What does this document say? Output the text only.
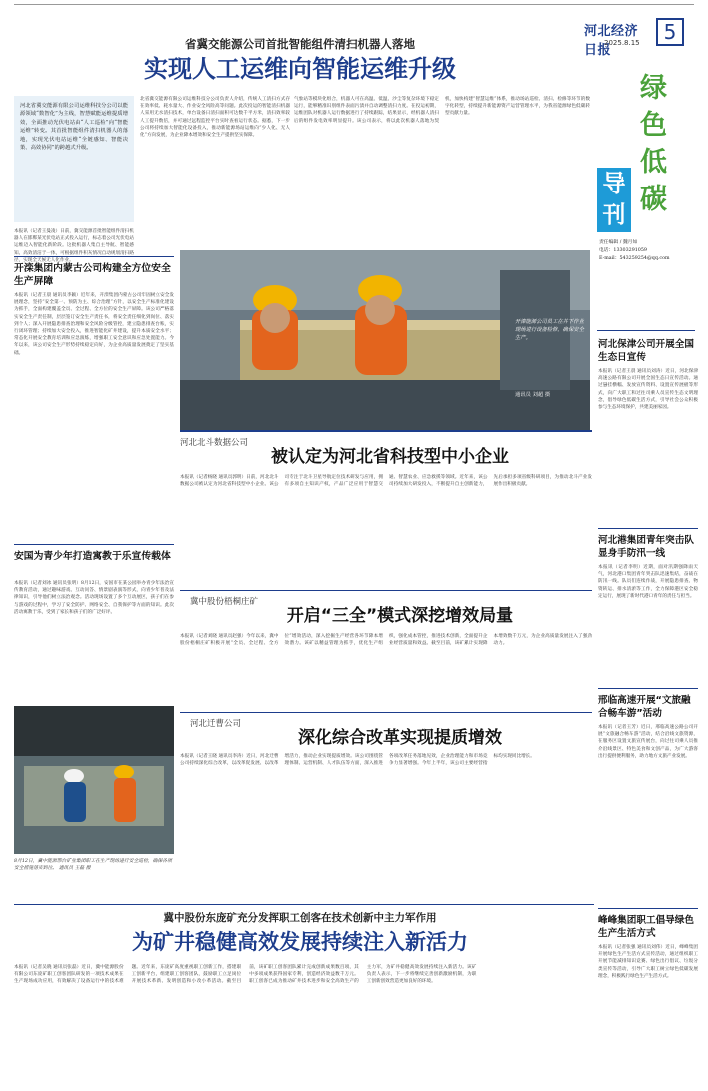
河北经济日报
2025.8.15	5
绿色低碳
导刊
责任编辑 / 魏月如
电话：13303291059
E-mail：543259254@qq.com
省冀交能源公司首批智能组件清扫机器人落地
实现人工运维向智能运维升级
河北省冀交能源有限公司运维科技分公司以能源领域“数智化”为主线，智慧赋能运维提质增效，全面推动光伏电站由“人工巡检”向“智能运维”转变。其首批智能组件清扫机器人的落地，实现光伏电站运维“全链感知、智能决策、高效协同”的跨越式升级。
本报讯（记者王曼凌）日前，冀交能源首批智能组件清扫机器人在邯郸某光伏电站正式投入运行，标志着公司光伏电站运维迈入智能化新阶段。这批机器人集自主导航、智能感知、高效清洁于一体，可根据组件积灰情况自动规划清扫路径，实现全天候无人化作业。
北省冀交能源有限公司运维科技分公司负责人介绍，传统人工清扫方式存在效率低、耗水量大、作业安全风险高等问题。此次投运的智能清扫机器人采用无水清扫技术，单台设备日清扫面积可达数千平方米，清扫效率较人工提升数倍，并可通过远程监控平台实时查看运行状态。据悉，下一步公司将持续加大智能化设备投入，推动新能源场站运维向“少人化、无人化”方向发展，为企业降本增效和安全生产提供坚实保障。
气象站等模块化组合，机器人可在高温、低温、沙尘等复杂环境下稳定运行，能够精准识别组件表面污渍并自动调整清扫力度。在投运初期，运维团队对机器人运行数据进行了持续跟踪，结果显示，经机器人清扫后的组件发电效率明显提升。该公司表示，将以此次机器人落地为契机，加快构建“智慧运维”体系，推动场站巡检、清扫、检修等环节的数字化转型，持续提升新能源资产运营管理水平，为我省能源绿色低碳转型贡献力量。
开滦能源公司员工在井下作业现场进行设备检修，确保安全生产。
通讯员 刘超 摄
开滦集团内蒙古公司构建全方位安全生产屏障
本报讯（记者王晨 通讯员李颖）近年来，开滦集团内蒙古公司牢固树立安全发展理念，坚持“安全第一、预防为主、综合治理”方针，以安全生产标准化建设为抓手，全面构建覆盖全员、全过程、全方位的安全生产屏障。该公司严格落实安全生产责任制，层层签订安全生产责任书，将安全责任细化到岗位、落实到个人；深入开展隐患排查治理和安全风险分级管控，建立隐患排查台账，实行闭环管理；持续加大安全投入，推进智能化矿井建设，提升本质安全水平；常态化开展安全教育培训和应急演练，增强职工安全意识和应急处置能力。今年以来，该公司安全生产形势持续稳定向好，为企业高质量发展奠定了坚实基础。
安国为青少年打造寓教于乐宣传载体
本报讯（记者刘冰 通讯员张明）8月12日，安国市在某公园举办青少年法治宣传教育活动，通过趣味游戏、互动问答、情景剧表演等形式，向青少年普及法律知识，引导他们树立法治观念。活动现场设置了多个互动展区，孩子们在参与游戏的过程中，学习了安全防护、网络安全、自我保护等方面的知识。此次活动寓教于乐，受到了家长和孩子们的广泛好评。
8月12日，冀中能源邢台矿业集团职工在生产现场进行安全巡检，确保各项安全措施落实到位。 通讯员 王磊 摄
河北北斗数据公司
被认定为河北省科技型中小企业
本报讯（记者杨晓 通讯员郭明）日前，河北北斗数据公司被认定为河北省科技型中小企业。该公司专注于北斗卫星导航定位技术研发与应用，拥有多项自主知识产权，产品广泛应用于智慧交通、智慧农业、应急救援等领域。近年来，该公司持续加大研发投入，不断提升自主创新能力，先后承担多项省级科研项目，为推动北斗产业发展作出积极贡献。
冀中股份梧桐庄矿
开启“三全”模式深挖增效局量
本报讯（记者刘晓 通讯员赵强）今年以来，冀中股份梧桐庄矿积极开展“全员、全过程、全方位”增效活动，深入挖掘生产经营各环节降本增效潜力。该矿以精益管理为抓手，优化生产组织，强化成本管控，推进技术创新，全面提升企业经营质量和效益。截至目前，该矿累计实现降本增效数千万元，为企业高质量发展注入了强劲动力。
河北迁曹公司
深化综合改革实现提质增效
本报讯（记者王晓 通讯员李涛）近日，河北迁曹公司持续深化综合改革，以改革促发展、以改革增活力，推动企业实现提质增效。该公司围绕管理体制、运营机制、人才队伍等方面，深入推进各项改革任务落地见效，企业治理能力和市场竞争力显著增强。今年上半年，该公司主要经营指标均实现同比增长。
冀中股份东庞矿充分发挥职工创客在技术创新中主力军作用
为矿井稳健高效发展持续注入新活力
本报讯（记者吴晓 通讯员张磊）近日，冀中能源股份有限公司东庞矿职工创客团队研发的一项技术成果在生产现场成功应用，有效解决了设备运行中的技术难题。近年来，东庞矿高度重视职工创新工作，搭建职工创新平台，组建职工创客团队，鼓励职工立足岗位开展技术革新、发明创造和小改小革活动。截至目前，该矿职工创客团队累计完成创新成果数百项，其中多项成果获得国家专利，创造经济效益数千万元。职工创客已成为推动矿井技术进步和安全高效生产的主力军，为矿井稳健高效发展持续注入新活力。该矿负责人表示，下一步将继续完善创新激励机制，为职工创新创效营造更加良好的环境。
河北保津公司开展全国生态日宣传
本报讯（记者王晨 通讯员刘涛）近日，河北保津高速公路有限公司开展全国生态日宣传活动。通过悬挂横幅、发放宣传资料、设置宣传展板等形式，向广大职工和过往司乘人员宣传生态文明理念，倡导绿色低碳生活方式，引导社会公众积极参与生态环境保护，共建美丽家园。
河北港集团青年突击队显身手防汛一线
本报讯（记者李明）近期，面对汛期强降雨天气，河北港口集团青年突击队迅速集结，奋战在防汛一线。队员们连续作战，开展隐患排查、物资转运、排水清淤等工作，全力保障港区安全稳定运行，展现了新时代港口青年的责任与担当。
邢临高速开展“文旅融合畅车游”活动
本报讯（记者王芳）近日，邢临高速公路公司开展“文旅融合畅车游”活动，结合沿线文旅资源，在服务区设置文旅宣传展台，向过往司乘人员推介沿线景区、特色美食和文创产品，为广大游客出行提供便利服务，助力地方文旅产业发展。
峰峰集团职工倡导绿色生产生活方式
本报讯（记者张强 通讯员刘伟）近日，峰峰集团开展绿色生产生活方式宣传活动，通过组织职工开展节能减排知识竞赛、绿色出行倡议、垃圾分类宣传等活动，引导广大职工树立绿色低碳发展理念，积极践行绿色生产生活方式。
